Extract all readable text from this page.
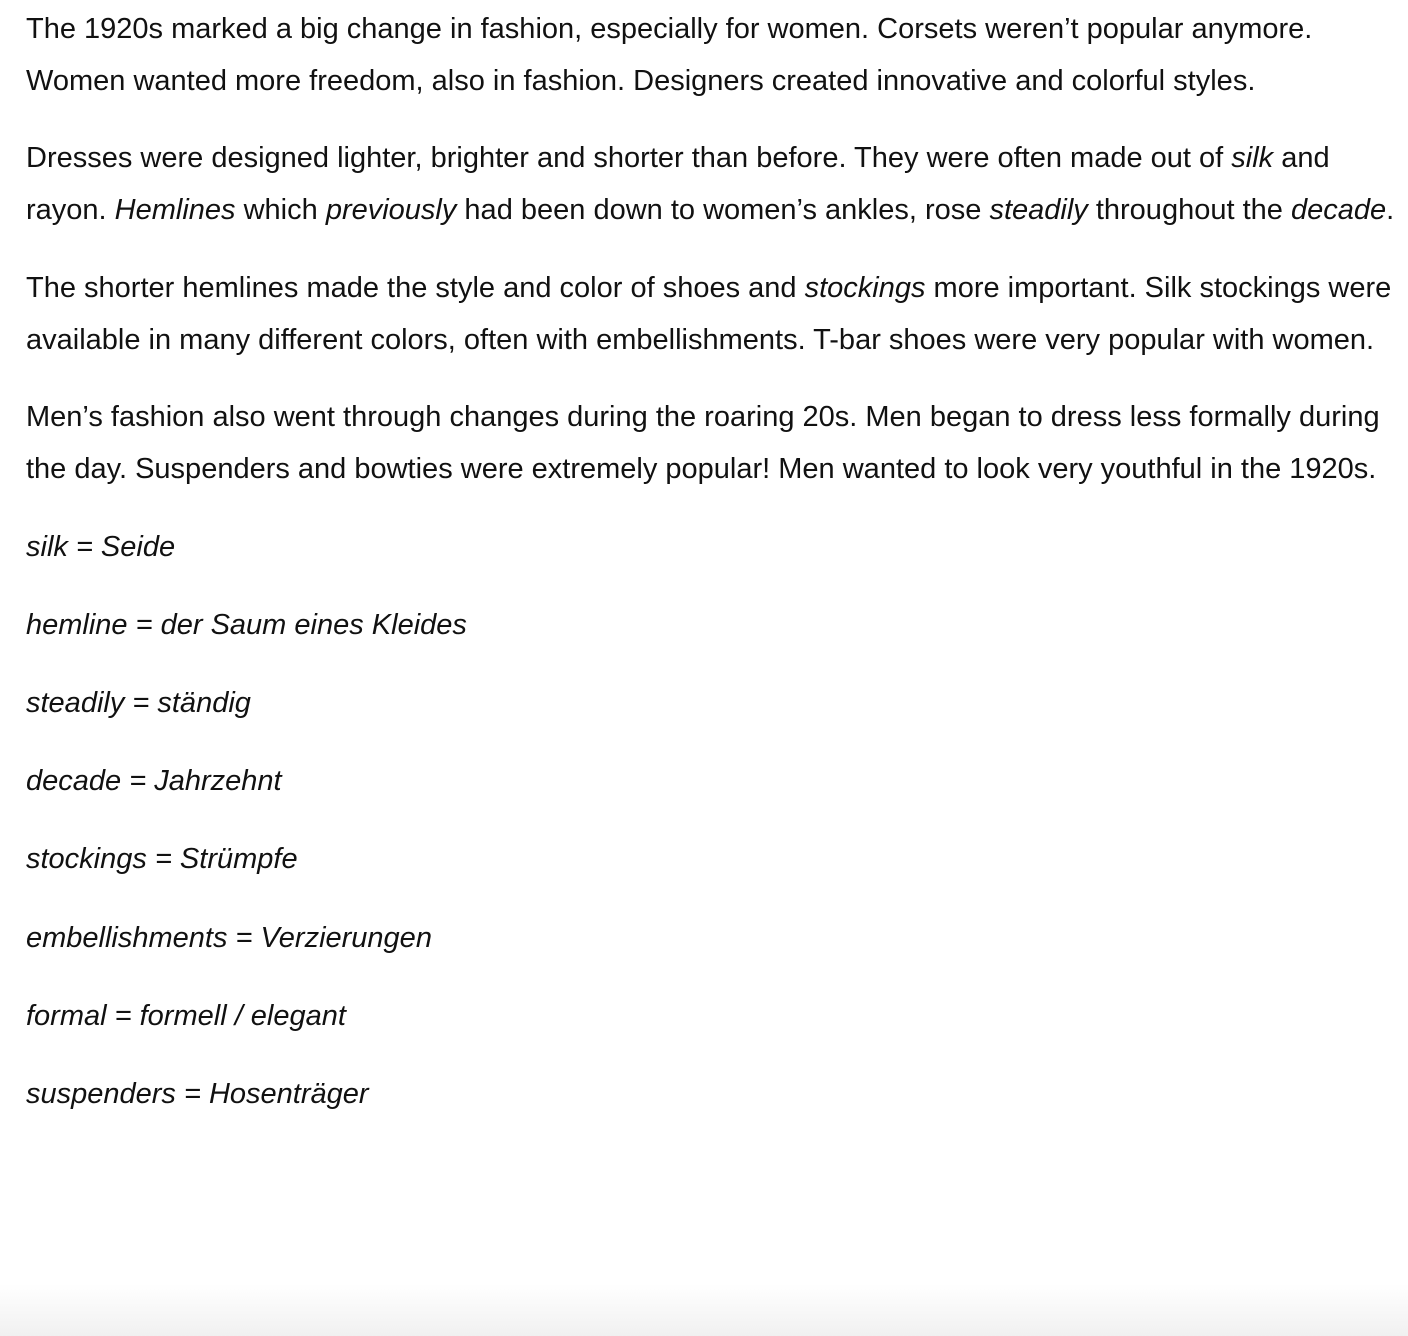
The 1920s marked a big change in fashion, especially for women. Corsets weren’t popular anymore. Women wanted more freedom, also in fashion. Designers created innovative and colorful styles.

Dresses were designed lighter, brighter and shorter than before. They were often made out of silk and rayon. Hemlines which previously had been down to women’s ankles, rose steadily throughout the decade.

The shorter hemlines made the style and color of shoes and stockings more important. Silk stockings were available in many different colors, often with embellishments. T-bar shoes were very popular with women.

Men’s fashion also went through changes during the roaring 20s. Men began to dress less formally during the day. Suspenders and bowties were extremely popular! Men wanted to look very youthful in the 1920s.

silk = Seide
hemline = der Saum eines Kleides
steadily = ständig
decade = Jahrzehnt
stockings = Strümpfe
embellishments = Verzierungen
formal = formell / elegant
suspenders = Hosenträger
